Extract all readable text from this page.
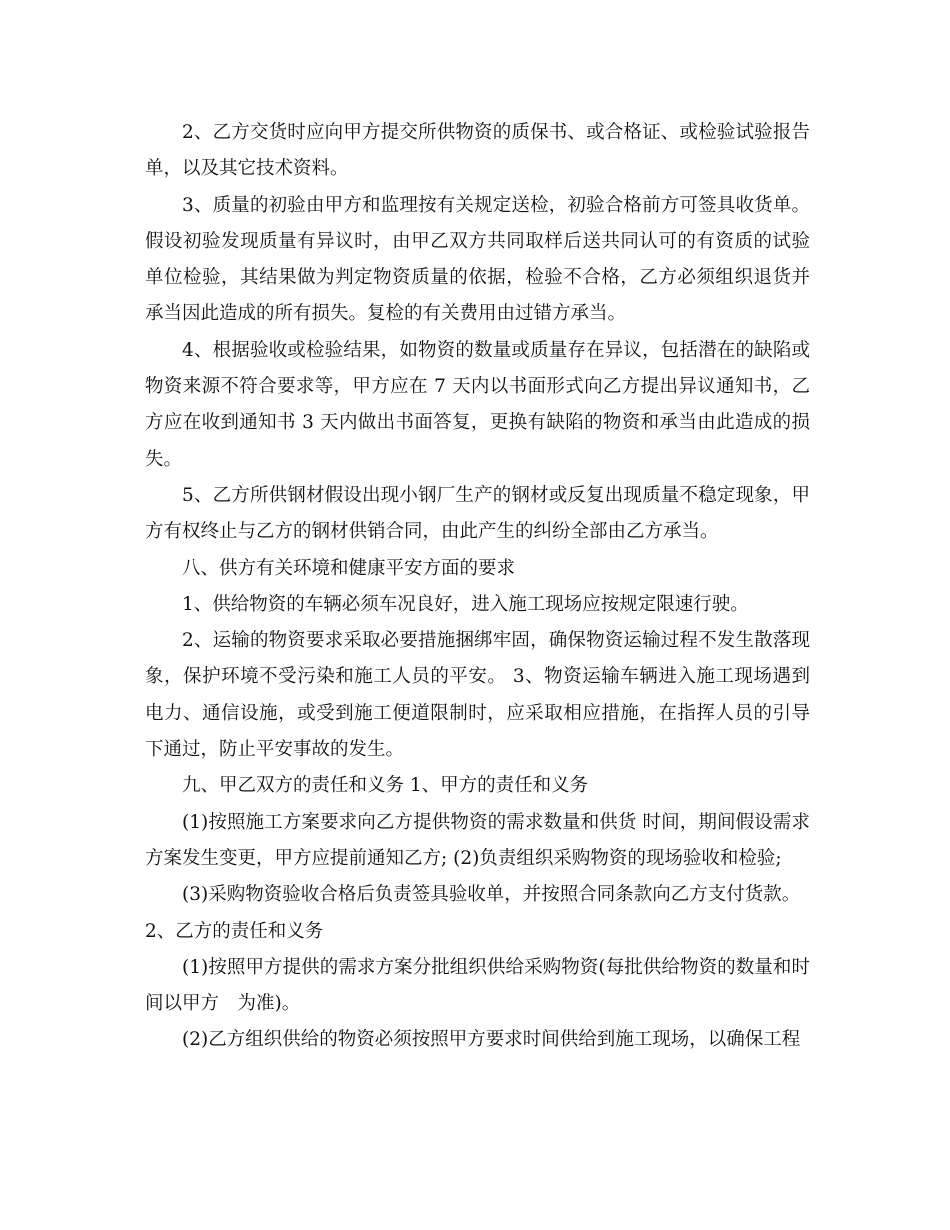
2、乙方交货时应向甲方提交所供物资的质保书、或合格证、或检验试验报告单，以及其它技术资料。

3、质量的初验由甲方和监理按有关规定送检，初验合格前方可签具收货单。假设初验发现质量有异议时，由甲乙双方共同取样后送共同认可的有资质的试验单位检验，其结果做为判定物资质量的依据，检验不合格，乙方必须组织退货并承当因此造成的所有损失。复检的有关费用由过错方承当。

4、根据验收或检验结果，如物资的数量或质量存在异议，包括潜在的缺陷或物资来源不符合要求等，甲方应在 7 天内以书面形式向乙方提出异议通知书，乙方应在收到通知书 3 天内做出书面答复，更换有缺陷的物资和承当由此造成的损失。

5、乙方所供钢材假设出现小钢厂生产的钢材或反复出现质量不稳定现象，甲方有权终止与乙方的钢材供销合同，由此产生的纠纷全部由乙方承当。

八、供方有关环境和健康平安方面的要求

1、供给物资的车辆必须车况良好，进入施工现场应按规定限速行驶。

2、运输的物资要求采取必要措施捆绑牢固，确保物资运输过程不发生散落现象，保护环境不受污染和施工人员的平安。 3、物资运输车辆进入施工现场遇到电力、通信设施，或受到施工便道限制时，应采取相应措施，在指挥人员的引导下通过，防止平安事故的发生。

九、甲乙双方的责任和义务 1、甲方的责任和义务

(1)按照施工方案要求向乙方提供物资的需求数量和供货 时间，期间假设需求方案发生变更，甲方应提前通知乙方; (2)负责组织采购物资的现场验收和检验;

(3)采购物资验收合格后负责签具验收单，并按照合同条款向乙方支付货款。

2、乙方的责任和义务

(1)按照甲方提供的需求方案分批组织供给采购物资(每批供给物资的数量和时间以甲方　为准)。

(2)乙方组织供给的物资必须按照甲方要求时间供给到施工现场，以确保工程
